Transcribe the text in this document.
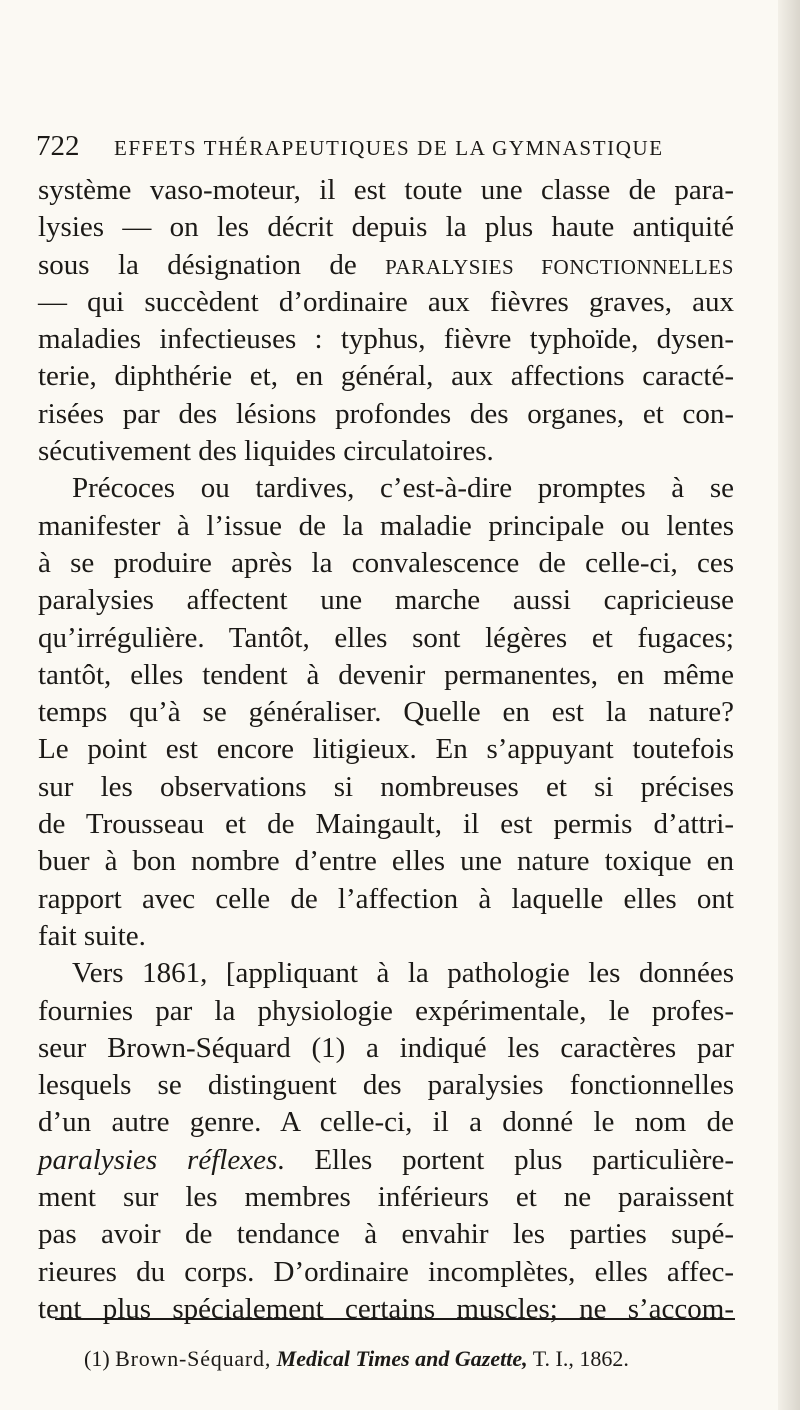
722 EFFETS THÉRAPEUTIQUES DE LA GYMNASTIQUE
système vaso-moteur, il est toute une classe de para-
lysies — on les décrit depuis la plus haute antiquité
sous la désignation de PARALYSIES FONCTIONNELLES
— qui succèdent d’ordinaire aux fièvres graves, aux
maladies infectieuses : typhus, fièvre typhoïde, dysen-
terie, diphthérie et, en général, aux affections caracté-
risées par des lésions profondes des organes, et con-
sécutivement des liquides circulatoires.
Précoces ou tardives, c’est-à-dire promptes à se
manifester à l’issue de la maladie principale ou lentes
à se produire après la convalescence de celle-ci, ces
paralysies affectent une marche aussi capricieuse
qu’irrégulière. Tantôt, elles sont légères et fugaces;
tantôt, elles tendent à devenir permanentes, en même
temps qu’à se généraliser. Quelle en est la nature?
Le point est encore litigieux. En s’appuyant toutefois
sur les observations si nombreuses et si précises
de Trousseau et de Maingault, il est permis d’attri-
buer à bon nombre d’entre elles une nature toxique en
rapport avec celle de l’affection à laquelle elles ont
fait suite.
Vers 1861, [appliquant à la pathologie les données
fournies par la physiologie expérimentale, le profes-
seur Brown-Séquard (1) a indiqué les caractères par
lesquels se distinguent des paralysies fonctionnelles
d’un autre genre. A celle-ci, il a donné le nom de
paralysies réflexes. Elles portent plus particulière-
ment sur les membres inférieurs et ne paraissent
pas avoir de tendance à envahir les parties supé-
rieures du corps. D’ordinaire incomplètes, elles affec-
tent plus spécialement certains muscles; ne s’accom-
(1) Brown-Séquard, Medical Times and Gazette, T. I., 1862.
